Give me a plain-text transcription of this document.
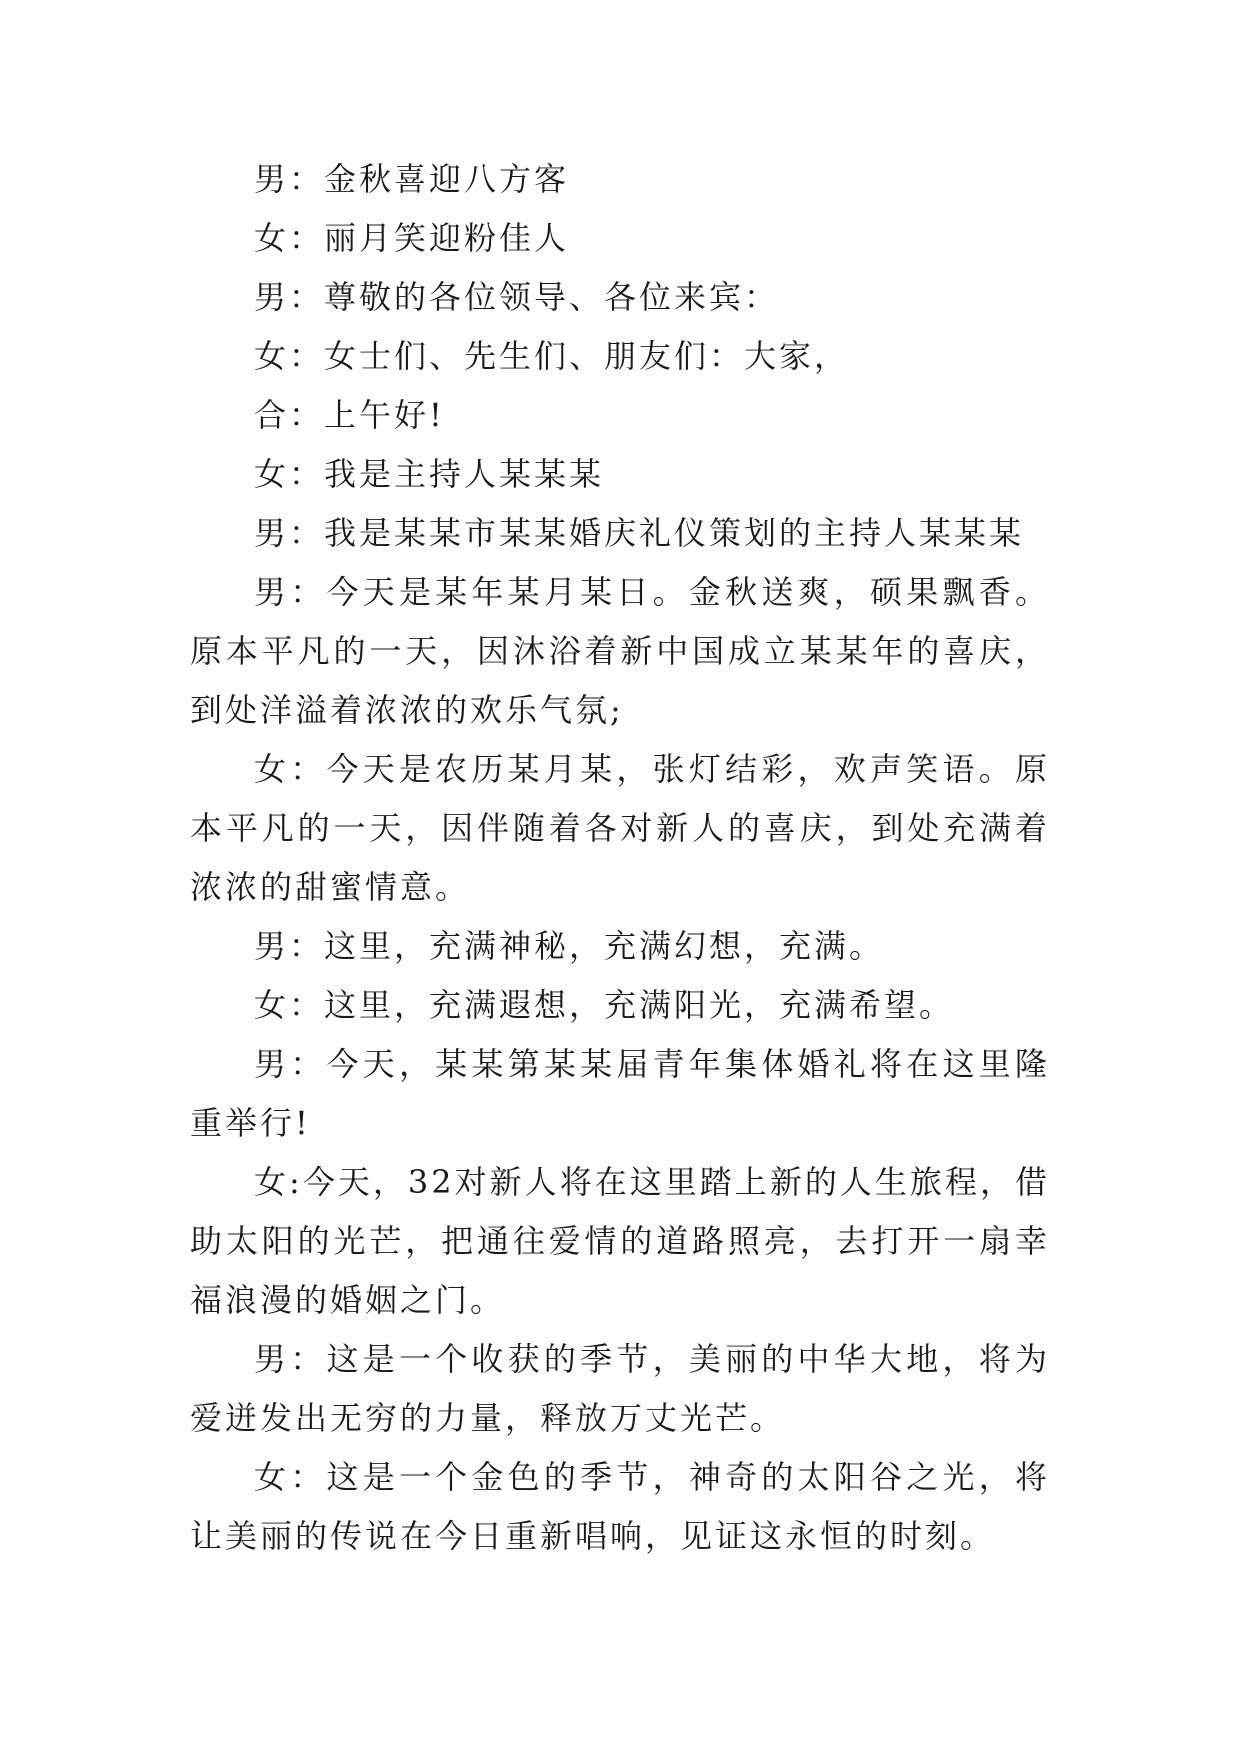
男：金秋喜迎八方客

女：丽月笑迎粉佳人

男：尊敬的各位领导、各位来宾：

女：女士们、先生们、朋友们：大家，

合：上午好!

女：我是主持人某某某

男：我是某某市某某婚庆礼仪策划的主持人某某某

男：今天是某年某月某日。金秋送爽，硕果飘香。原本平凡的一天，因沐浴着新中国成立某某年的喜庆，到处洋溢着浓浓的欢乐气氛;

女：今天是农历某月某，张灯结彩，欢声笑语。原本平凡的一天，因伴随着各对新人的喜庆，到处充满着浓浓的甜蜜情意。

男：这里，充满神秘，充满幻想，充满。

女：这里，充满遐想，充满阳光，充满希望。

男：今天，某某第某某届青年集体婚礼将在这里隆重举行!

女:今天，32对新人将在这里踏上新的人生旅程，借助太阳的光芒，把通往爱情的道路照亮，去打开一扇幸福浪漫的婚姻之门。

男：这是一个收获的季节，美丽的中华大地，将为爱迸发出无穷的力量，释放万丈光芒。

女：这是一个金色的季节，神奇的太阳谷之光，将让美丽的传说在今日重新唱响，见证这永恒的时刻。
